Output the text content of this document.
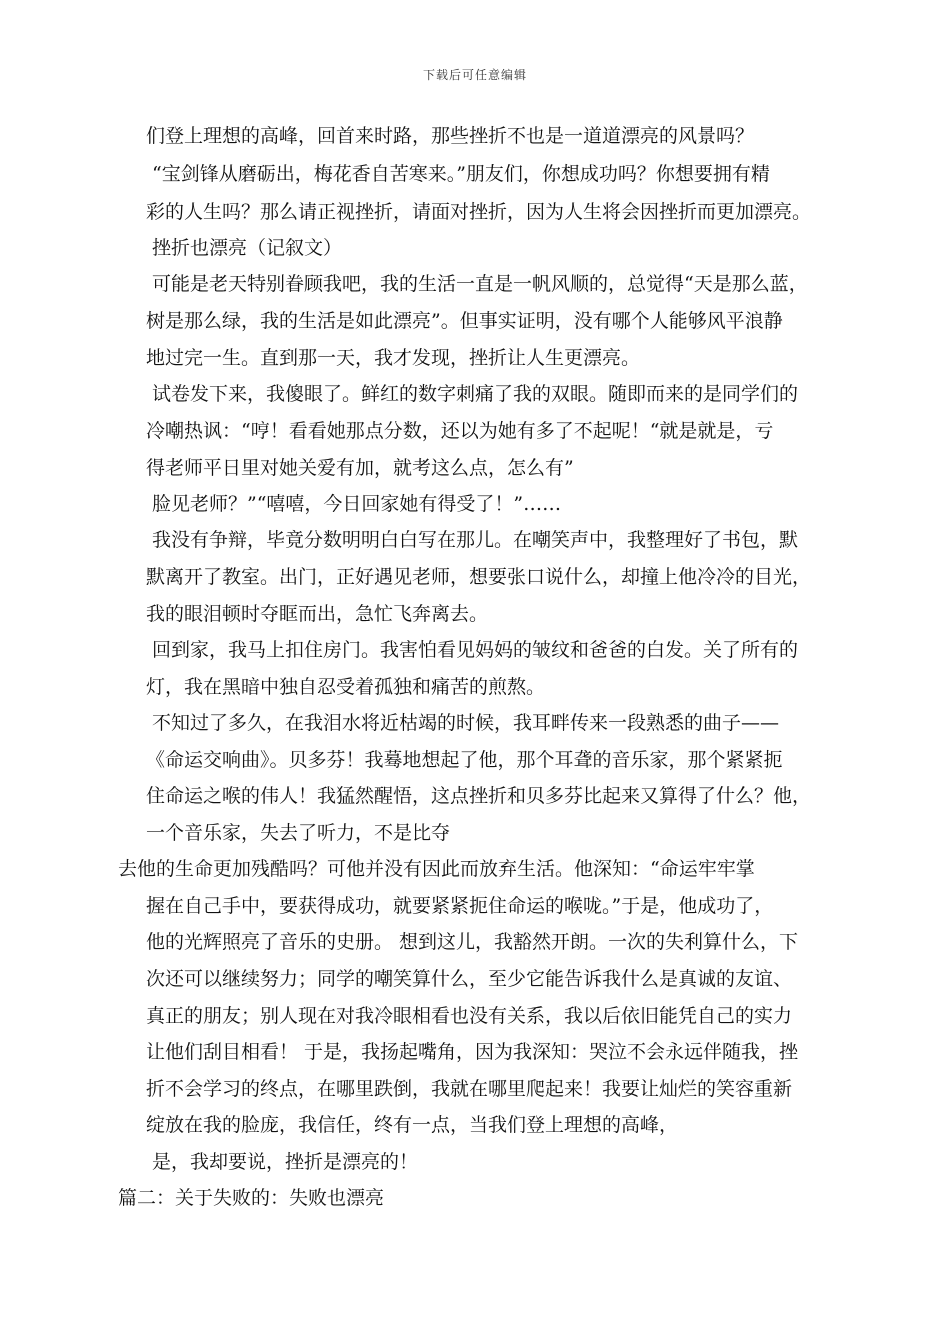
下载后可任意编辑
们登上理想的高峰，回首来时路，那些挫折不也是一道道漂亮的风景吗？
“宝剑锋从磨砺出，梅花香自苦寒来。”朋友们，你想成功吗？你想要拥有精
彩的人生吗？那么请正视挫折，请面对挫折，因为人生将会因挫折而更加漂亮。
挫折也漂亮（记叙文）
可能是老天特别眷顾我吧，我的生活一直是一帆风顺的，总觉得“天是那么蓝，
树是那么绿，我的生活是如此漂亮”。但事实证明，没有哪个人能够风平浪静
地过完一生。直到那一天，我才发现，挫折让人生更漂亮。
试卷发下来，我傻眼了。鲜红的数字刺痛了我的双眼。随即而来的是同学们的
冷嘲热讽：“哼！看看她那点分数，还以为她有多了不起呢！“就是就是，亏
得老师平日里对她关爱有加，就考这么点，怎么有”
脸见老师？”“嘻嘻，今日回家她有得受了！”……
我没有争辩，毕竟分数明明白白写在那儿。在嘲笑声中，我整理好了书包，默
默离开了教室。出门，正好遇见老师，想要张口说什么，却撞上他冷冷的目光，
我的眼泪顿时夺眶而出，急忙飞奔离去。
回到家，我马上扣住房门。我害怕看见妈妈的皱纹和爸爸的白发。关了所有的
灯，我在黑暗中独自忍受着孤独和痛苦的煎熬。
不知过了多久，在我泪水将近枯竭的时候，我耳畔传来一段熟悉的曲子——
《命运交响曲》。贝多芬！我蓦地想起了他，那个耳聋的音乐家，那个紧紧扼
住命运之喉的伟人！我猛然醒悟，这点挫折和贝多芬比起来又算得了什么？他，
一个音乐家，失去了听力，不是比夺
去他的生命更加残酷吗？可他并没有因此而放弃生活。他深知：“命运牢牢掌
握在自己手中，要获得成功，就要紧紧扼住命运的喉咙。”于是，他成功了，
他的光辉照亮了音乐的史册。 想到这儿，我豁然开朗。一次的失利算什么，下
次还可以继续努力；同学的嘲笑算什么，至少它能告诉我什么是真诚的友谊、
真正的朋友；别人现在对我冷眼相看也没有关系，我以后依旧能凭自己的实力
让他们刮目相看！ 于是，我扬起嘴角，因为我深知：哭泣不会永远伴随我，挫
折不会学习的终点，在哪里跌倒，我就在哪里爬起来！我要让灿烂的笑容重新
绽放在我的脸庞，我信任，终有一点，当我们登上理想的高峰，
是，我却要说，挫折是漂亮的！
篇二：关于失败的：失败也漂亮
